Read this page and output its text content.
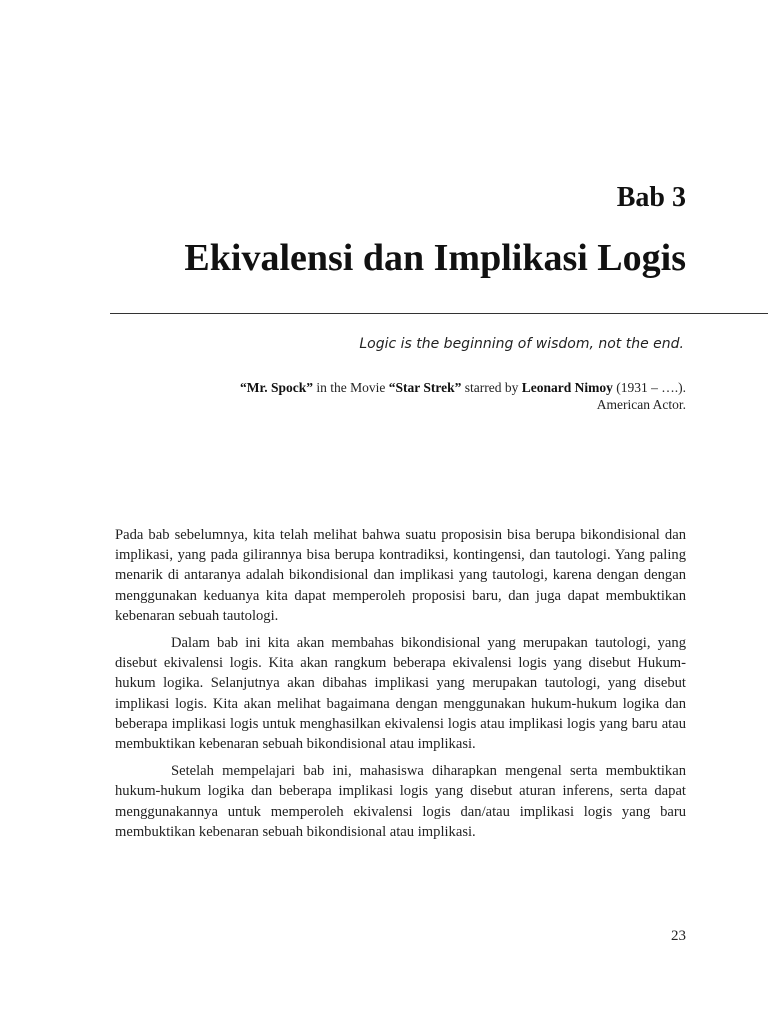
Bab 3
Ekivalensi dan Implikasi Logis

Logic is the beginning of wisdom, not the end.

“Mr. Spock” in the Movie “Star Strek” starred by Leonard Nimoy (1931 – ….).
American Actor.

Pada bab sebelumnya, kita telah melihat bahwa suatu proposisin bisa berupa bikondisional dan implikasi, yang pada gilirannya bisa berupa kontradiksi, kontingensi, dan tautologi. Yang paling menarik di antaranya adalah bikondisional dan implikasi yang tautologi, karena dengan dengan menggunakan keduanya kita dapat memperoleh proposisi baru, dan juga dapat membuktikan kebenaran sebuah tautologi.

Dalam bab ini kita akan membahas bikondisional yang merupakan tautologi, yang disebut ekivalensi logis. Kita akan rangkum beberapa ekivalensi logis yang disebut Hukum-hukum logika. Selanjutnya akan dibahas implikasi yang merupakan tautologi, yang disebut implikasi logis. Kita akan melihat bagaimana dengan menggunakan hukum-hukum logika dan beberapa implikasi logis untuk menghasilkan ekivalensi logis atau implikasi logis yang baru atau membuktikan kebenaran sebuah bikondisional atau implikasi.

Setelah mempelajari bab ini, mahasiswa diharapkan mengenal serta membuktikan hukum-hukum logika dan beberapa implikasi logis yang disebut aturan inferens, serta dapat menggunakannya untuk memperoleh ekivalensi logis dan/atau implikasi logis yang baru membuktikan kebenaran sebuah bikondisional atau implikasi.

23
